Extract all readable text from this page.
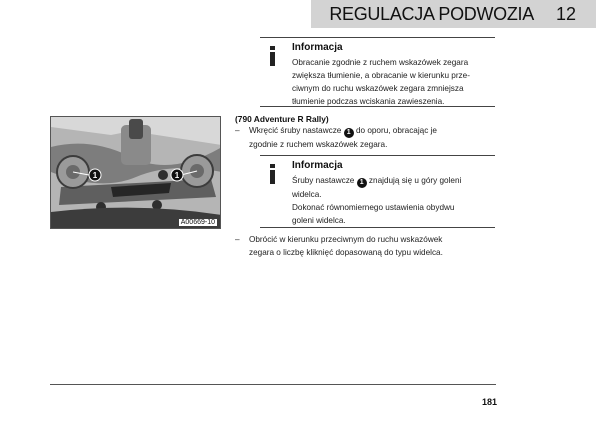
REGULACJA PODWOZIA 12
Informacja
Obracanie zgodnie z ruchem wskazówek zegara
zwiększa tłumienie, a obracanie w kierunku prze-
ciwnym do ruchu wskazówek zegara zmniejsza
tłumienie podczas wciskania zawieszenia.
(790 Adventure R Rally)
– Wkręcić śruby nastawcze 1 do oporu, obracając je
zgodnie z ruchem wskazówek zegara.
Informacja
Śruby nastawcze 1 znajdują się u góry goleni
widelca.
Dokonać równomiernego ustawienia obydwu
goleni widelca.
– Obrócić w kierunku przeciwnym do ruchu wskazówek
zegara o liczbę kliknięć dopasowaną do typu widelca.
1	1
A00669-10
181
